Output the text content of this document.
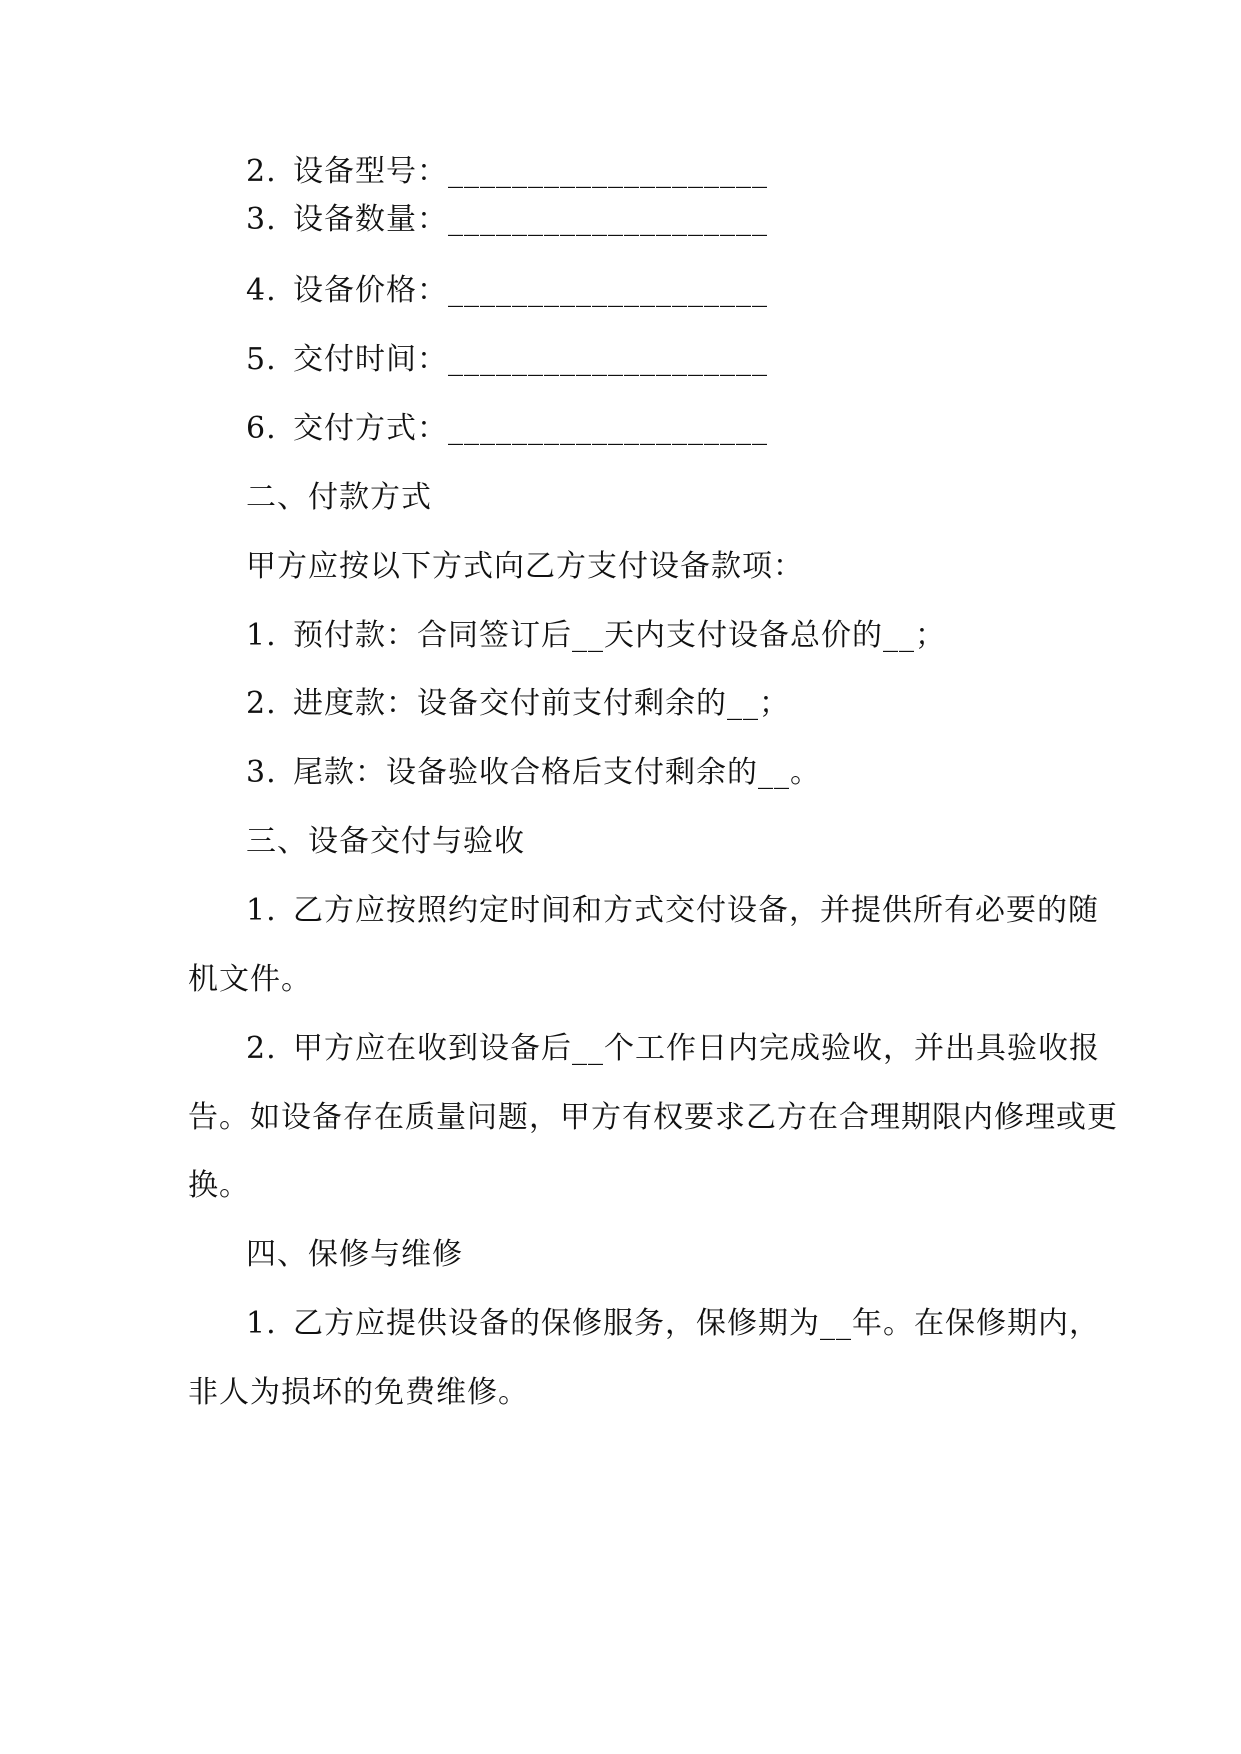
2. 设备型号：____________________
3. 设备数量：____________________
4. 设备价格：____________________
5. 交付时间：____________________
6. 交付方式：____________________
二、付款方式
甲方应按以下方式向乙方支付设备款项：
1. 预付款：合同签订后__天内支付设备总价的__；
2. 进度款：设备交付前支付剩余的__；
3. 尾款：设备验收合格后支付剩余的__。
三、设备交付与验收
1. 乙方应按照约定时间和方式交付设备，并提供所有必要的随
机文件。
2. 甲方应在收到设备后__个工作日内完成验收，并出具验收报
告。如设备存在质量问题，甲方有权要求乙方在合理期限内修理或更
换。
四、保修与维修
1. 乙方应提供设备的保修服务，保修期为__年。在保修期内，
非人为损坏的免费维修。
